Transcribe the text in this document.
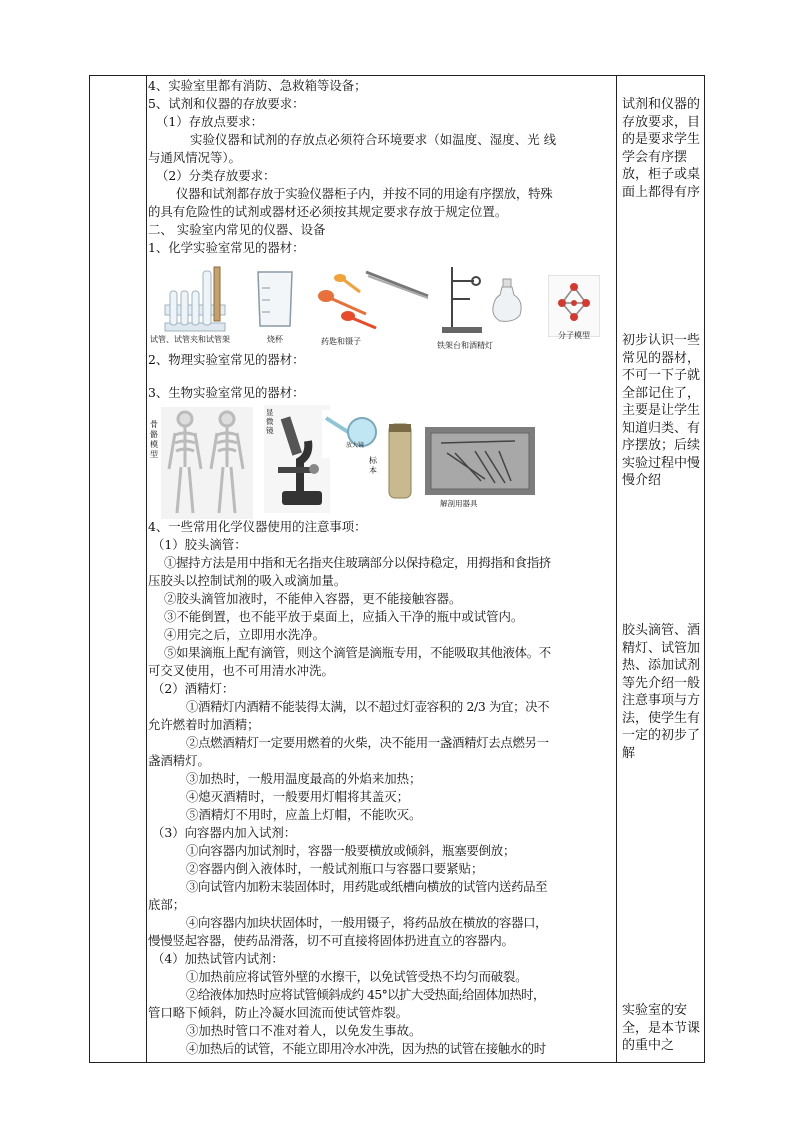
4、实验室里都有消防、急救箱等设备；
5、试剂和仪器的存放要求：
（1）存放点要求：
实验仪器和试剂的存放点必须符合环境要求（如温度、湿度、光 线
与通风情况等）。
（2）分类存放要求：
仪器和试剂都存放于实验仪器柜子内，并按不同的用途有序摆放，特殊
的具有危险性的试剂或器材还必须按其规定要求存放于规定位置。
二、 实验室内常见的仪器、设备
1、化学实验室常见的器材：
试管、试管夹和试管架	烧杯	药匙和镊子	铁架台和酒精灯
分子模型
2、物理实验室常见的器材：
3、生物实验室常见的器材：
骨骼模型
显微镜
放大镜
标本
解剖用器具
4、一些常用化学仪器使用的注意事项：
（1）胶头滴管：
①握持方法是用中指和无名指夹住玻璃部分以保持稳定，用拇指和食指挤
压胶头以控制试剂的吸入或滴加量。
②胶头滴管加液时，不能伸入容器，更不能接触容器。
③不能倒置，也不能平放于桌面上，应插入干净的瓶中或试管内。
④用完之后，立即用水洗净。
⑤如果滴瓶上配有滴管，则这个滴管是滴瓶专用，不能吸取其他液体。不
可交叉使用，也不可用清水冲洗。
（2）酒精灯：
①酒精灯内酒精不能装得太满，以不超过灯壶容积的 2/3 为宜；决不
允许燃着时加酒精；
②点燃酒精灯一定要用燃着的火柴，决不能用一盏酒精灯去点燃另一
盏酒精灯。
③加热时，一般用温度最高的外焰来加热；
④熄灭酒精时，一般要用灯帽将其盖灭；
⑤酒精灯不用时，应盖上灯帽，不能吹灭。
（3）向容器内加入试剂：
①向容器内加试剂时，容器一般要横放或倾斜，瓶塞要倒放；
②容器内倒入液体时，一般试剂瓶口与容器口要紧贴；
③向试管内加粉末装固体时，用药匙或纸槽向横放的试管内送药品至
底部；
④向容器内加块状固体时，一般用镊子，将药品放在横放的容器口，
慢慢竖起容器，使药品滑落，切不可直接将固体扔进直立的容器内。
（4）加热试管内试剂：
①加热前应将试管外壁的水擦干，以免试管受热不均匀而破裂。
②给液体加热时应将试管倾斜成约 45°以扩大受热面;给固体加热时，
管口略下倾斜，防止冷凝水回流而使试管炸裂。
③加热时管口不准对着人，以免发生事故。
④加热后的试管，不能立即用冷水冲洗，因为热的试管在接触水的时

试剂和仪器的存放要求，目的是要求学生学会有序摆放，柜子或桌面上都得有序

初步认识一些常见的器材，不可一下子就全部记住了，主要是让学生知道归类、有序摆放；后续实验过程中慢慢介绍

胶头滴管、酒精灯、试管加热、添加试剂等先介绍一般注意事项与方法，使学生有一定的初步了解

实验室的安全，是本节课的重中之
